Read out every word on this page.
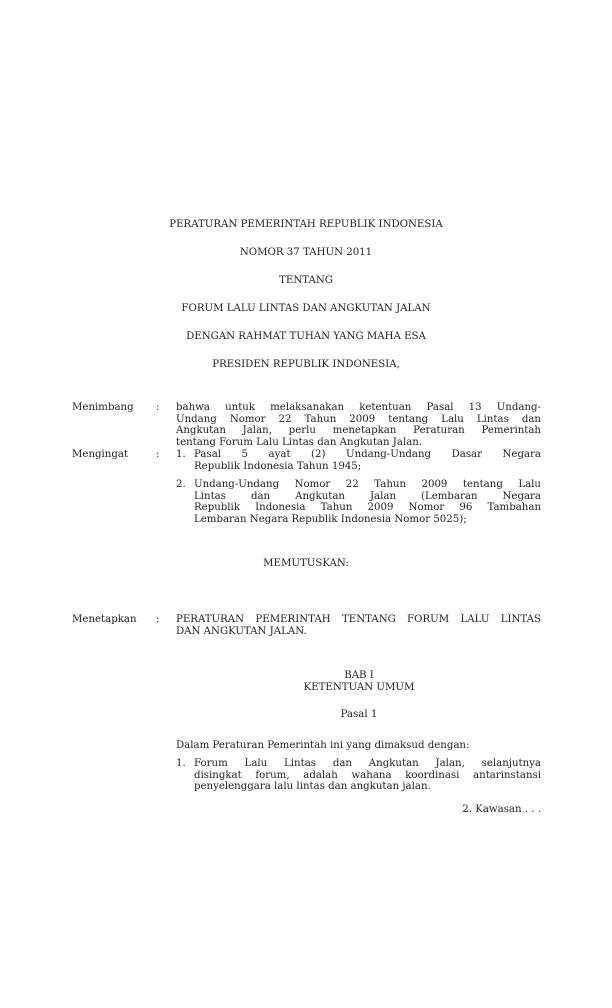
PERATURAN PEMERINTAH REPUBLIK INDONESIA
NOMOR 37 TAHUN 2011
TENTANG
FORUM LALU LINTAS DAN ANGKUTAN JALAN
DENGAN RAHMAT TUHAN YANG MAHA ESA
PRESIDEN REPUBLIK INDONESIA,
Menimbang : bahwa untuk melaksanakan ketentuan Pasal 13 Undang-
Undang Nomor 22 Tahun 2009 tentang Lalu Lintas dan
Angkutan Jalan, perlu menetapkan Peraturan Pemerintah
tentang Forum Lalu Lintas dan Angkutan Jalan.
Mengingat	: 1. Pasal 5 ayat (2) Undang-Undang Dasar Negara
Republik Indonesia Tahun 1945;
2. Undang-Undang Nomor 22 Tahun 2009 tentang Lalu
Lintas dan Angkutan Jalan (Lembaran Negara
Republik Indonesia Tahun 2009 Nomor 96 Tambahan
Lembaran Negara Republik Indonesia Nomor 5025);
MEMUTUSKAN:
Menetapkan : PERATURAN PEMERINTAH TENTANG FORUM LALU LINTAS
DAN ANGKUTAN JALAN.
BAB I
KETENTUAN UMUM
Pasal 1
Dalam Peraturan Pemerintah ini yang dimaksud dengan:
1. Forum Lalu Lintas dan Angkutan Jalan, selanjutnya
disingkat forum, adalah wahana koordinasi antarinstansi
penyelenggara lalu lintas dan angkutan jalan.
2. Kawasan . . .
